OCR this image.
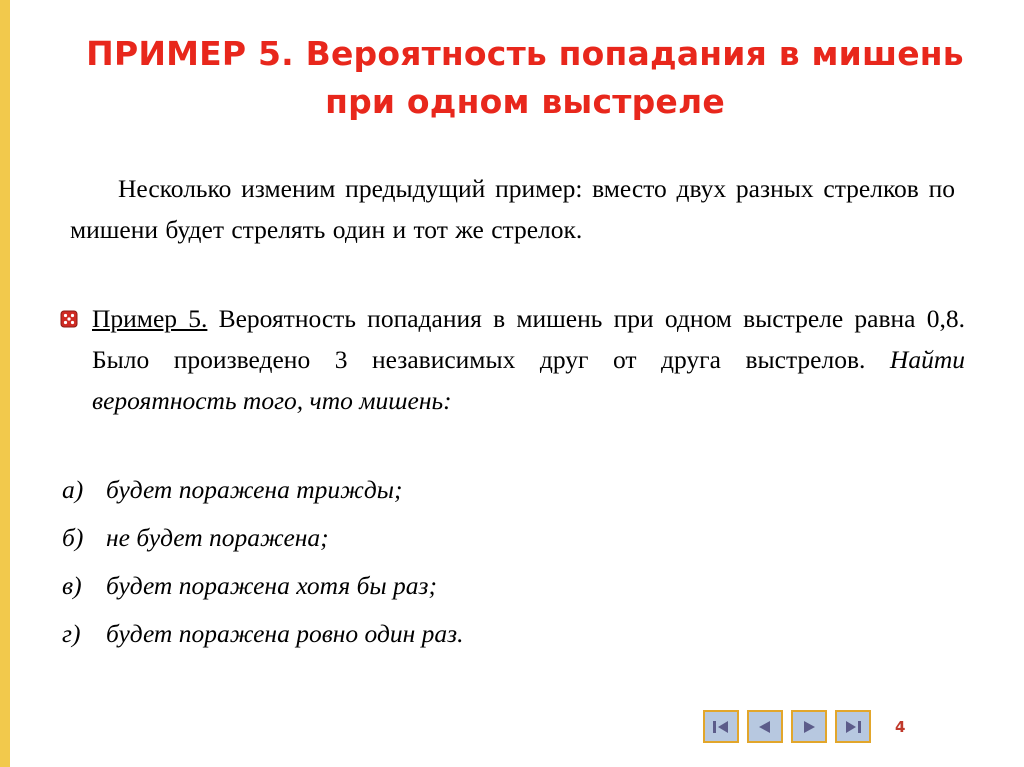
ПРИМЕР 5. Вероятность попадания в мишень при одном выстреле
Несколько изменим предыдущий пример: вместо двух разных стрелков по мишени будет стрелять один и тот же стрелок.
Пример 5. Вероятность попадания в мишень при одном выстреле равна 0,8. Было произведено 3 независимых друг от друга выстрелов. Найти вероятность того, что мишень:
а) будет поражена трижды;
б) не будет поражена;
в) будет поражена хотя бы раз;
г)	будет поражена ровно один раз.
4
